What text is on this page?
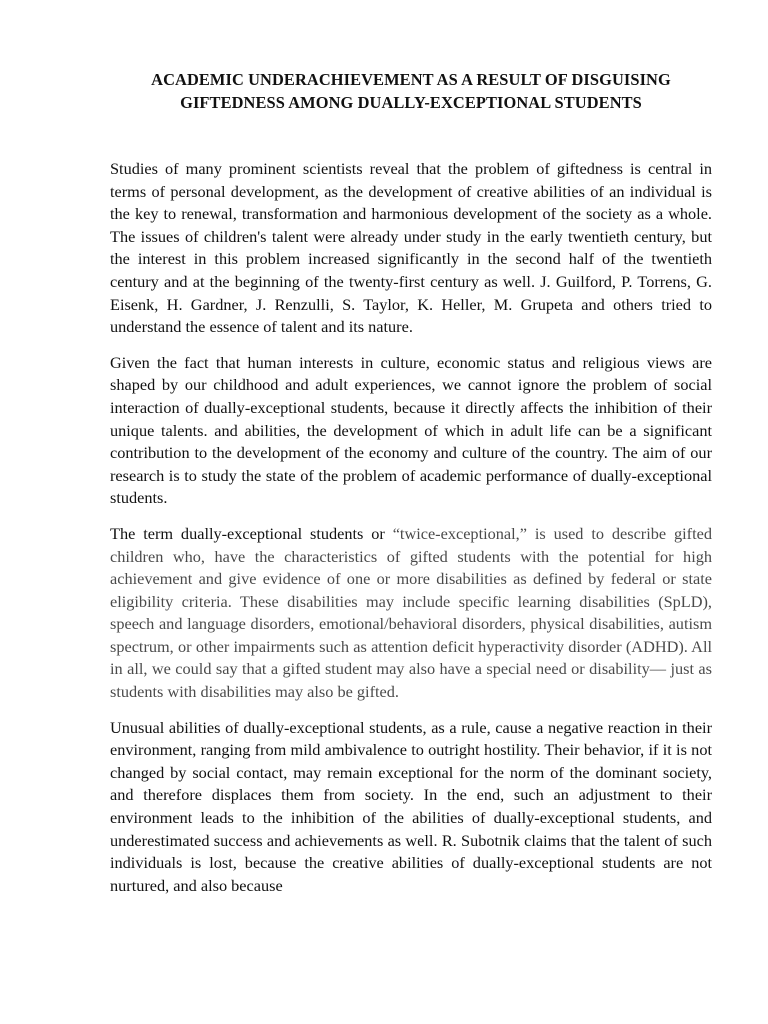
ACADEMIC UNDERACHIEVEMENT AS A RESULT OF DISGUISING
GIFTEDNESS AMONG DUALLY-EXCEPTIONAL STUDENTS

Studies of many prominent scientists reveal that the problem of giftedness is central in terms of personal development, as the development of creative abilities of an individual is the key to renewal, transformation and harmonious development of the society as a whole. The issues of children's talent were already under study in the early twentieth century, but the interest in this problem increased significantly in the second half of the twentieth century and at the beginning of the twenty-first century as well. J. Guilford, P. Torrens, G. Eisenk, H. Gardner, J. Renzulli, S. Taylor, K. Heller, M. Grupeta and others tried to understand the essence of talent and its nature.

Given the fact that human interests in culture, economic status and religious views are shaped by our childhood and adult experiences, we cannot ignore the problem of social interaction of dually-exceptional students, because it directly affects the inhibition of their unique talents. and abilities, the development of which in adult life can be a significant contribution to the development of the economy and culture of the country. The aim of our research is to study the state of the problem of academic performance of dually-exceptional students.

The term dually-exceptional students or “twice-exceptional,” is used to describe gifted children who, have the characteristics of gifted students with the potential for high achievement and give evidence of one or more disabilities as defined by federal or state eligibility criteria. These disabilities may include specific learning disabilities (SpLD), speech and language disorders, emotional/behavioral disorders, physical disabilities, autism spectrum, or other impairments such as attention deficit hyperactivity disorder (ADHD). All in all, we could say that a gifted student may also have a special need or disability— just as students with disabilities may also be gifted.

Unusual abilities of dually-exceptional students, as a rule, cause a negative reaction in their environment, ranging from mild ambivalence to outright hostility. Their behavior, if it is not changed by social contact, may remain exceptional for the norm of the dominant society, and therefore displaces them from society. In the end, such an adjustment to their environment leads to the inhibition of the abilities of dually-exceptional students, and underestimated success and achievements as well. R. Subotnik claims that the talent of such individuals is lost, because the creative abilities of dually-exceptional students are not nurtured, and also because
